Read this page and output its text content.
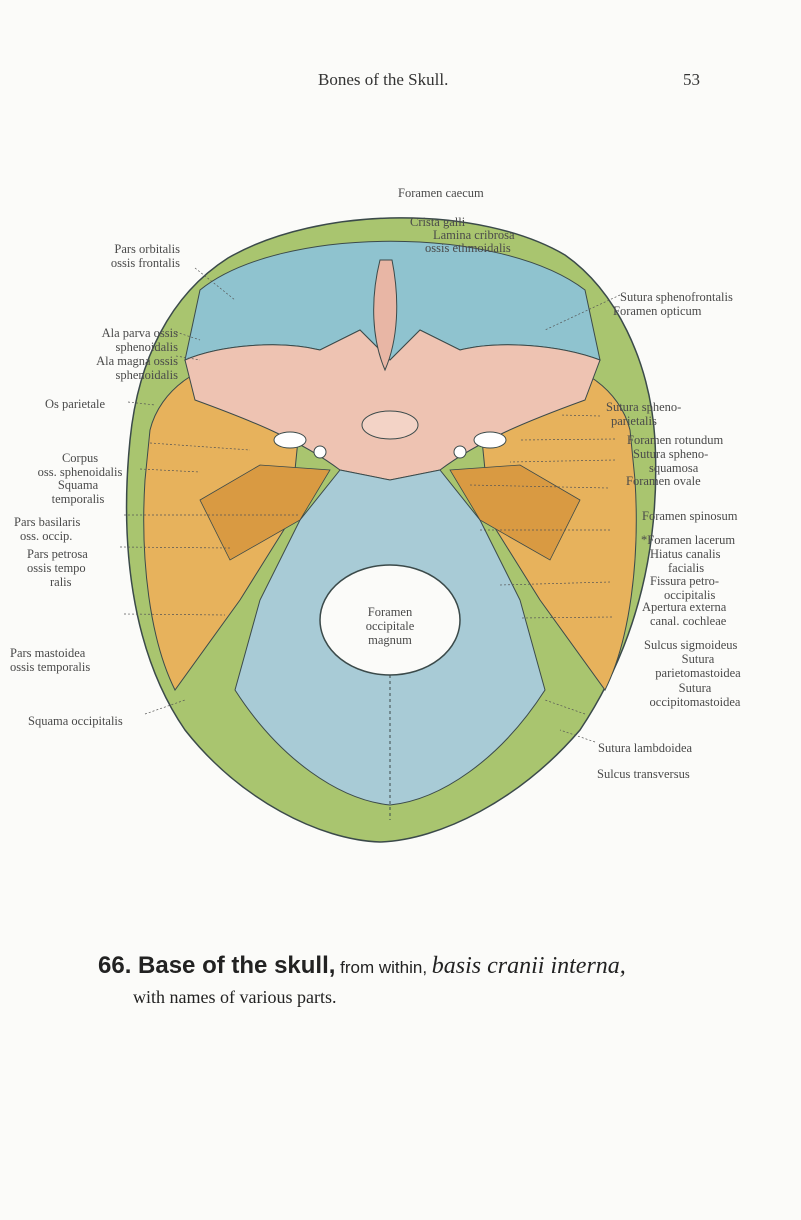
Bones of the Skull.	53
Foramen caecum
Crista galli
Lamina cribrosa
ossis ethmoidalis
Pars orbitalis
ossis frontalis
Sutura sphenofrontalis
Foramen opticum
Ala parva ossis
sphenoidalis
Ala magna ossis
sphenoidalis
Sutura spheno-
parietalis
Os parietale
Foramen rotundum
Sutura spheno-
squamosa
Foramen ovale
Corpus
oss. sphenoidalis
Squama
temporalis
Foramen spinosum
Pars basilaris
oss. occip.	*Foramen lacerum
Hiatus canalis
facialis
Pars petrosa
ossis tempo
ralis	Fissura petro-
occipitalis
Apertura externa
canal. cochleae
Foramen
occipitale
magnum	Sulcus sigmoideus
Pars mastoidea
ossis temporalis
Sutura
parietomastoidea
Sutura
occipitomastoidea
Squama occipitalis
Sutura lambdoidea
Sulcus transversus
66. Base of the skull, from within, basis cranii interna,
with names of various parts.
